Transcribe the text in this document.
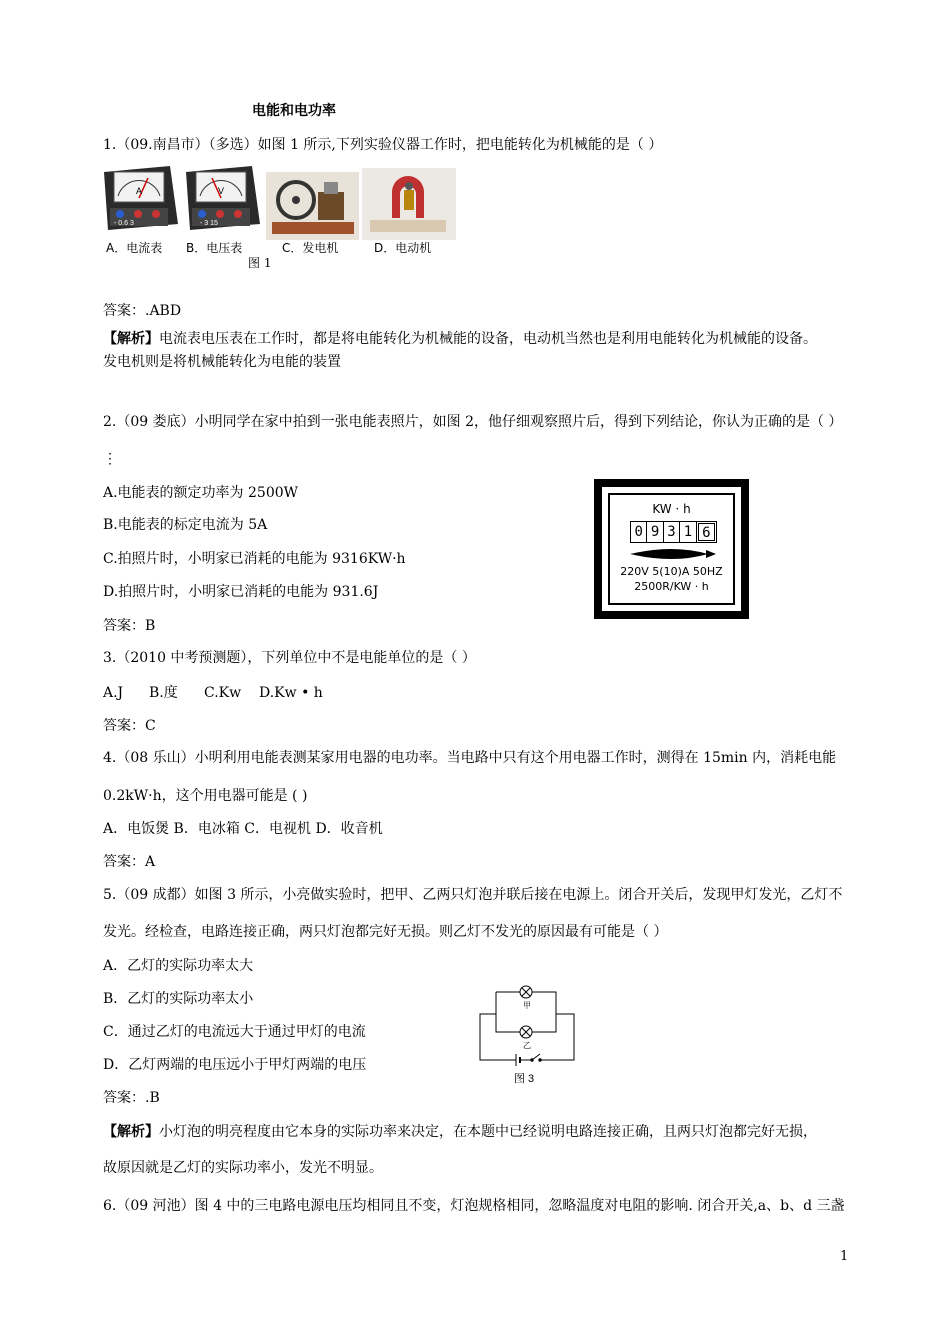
电能和电功率
1.（09.南昌市）（多选）如图 1 所示,下列实验仪器工作时，把电能转化为机械能的是（ ）
A
- 0.6 3
V
- 3 15
A．电流表 B．电压表	C．发电机	D．电动机
图 1
答案：.ABD
【解析】电流表电压表在工作时，都是将电能转化为机械能的设备，电动机当然也是利用电能转化为机械能的设备。
发电机则是将机械能转化为电能的装置
2.（09 娄底）小明同学在家中拍到一张电能表照片，如图 2，他仔细观察照片后，得到下列结论，你认为正确的是（ ）
⋮
A.电能表的额定功率为 2500W
B.电能表的标定电流为 5A
C.拍照片时，小明家已消耗的电能为 9316KW·h
D.拍照片时，小明家已消耗的电能为 931.6J
答案：B
KW · h
0 9 3 1 6
220V 5(10)A 50HZ
2500R/KW · h
3.（2010 中考预测题），下列单位中不是电能单位的是（ ）
A.J B.度 C.Kw D.Kw • h
答案：C
4.（08 乐山）小明利用电能表测某家用电器的电功率。当电路中只有这个用电器工作时，测得在 15min 内，消耗电能
0.2kW·h，这个用电器可能是 ( )
A．电饭煲 B．电冰箱 C．电视机 D．收音机
答案：A
5.（09 成都）如图 3 所示，小亮做实验时，把甲、乙两只灯泡并联后接在电源上。闭合开关后，发现甲灯发光，乙灯不
发光。经检查，电路连接正确，两只灯泡都完好无损。则乙灯不发光的原因最有可能是（ ）
A．乙灯的实际功率太大
B．乙灯的实际功率太小
C．通过乙灯的电流远大于通过甲灯的电流
D．乙灯两端的电压远小于甲灯两端的电压
答案：.B
甲
乙
图 3
【解析】小灯泡的明亮程度由它本身的实际功率来决定，在本题中已经说明电路连接正确，且两只灯泡都完好无损，
故原因就是乙灯的实际功率小，发光不明显。
6.（09 河池）图 4 中的三电路电源电压均相同且不变，灯泡规格相同，忽略温度对电阻的影响. 闭合开关,a、b、d 三盏
1
